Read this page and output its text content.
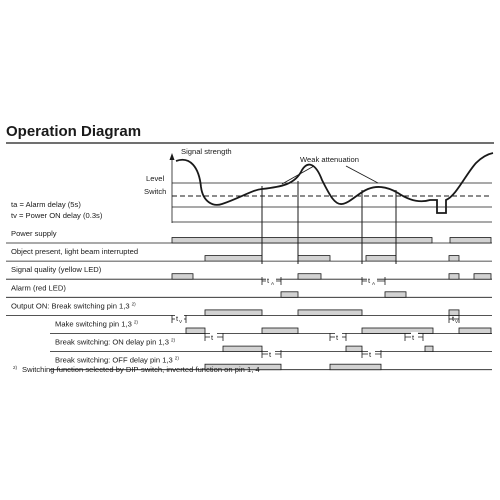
Operation Diagram
Signal strength
Weak attenuation
Level
Switch
ta = Alarm delay (5s)
tv = Power ON delay (0.3s)
Power supply
Object present, light beam interrupted
Signal quality (yellow LED)
Alarm (red LED)
Output ON: Break switching pin 1,3 $^{2)}$
Make switching pin 1,3 $^{2)}$
Break switching: ON delay pin 1,3 $^{2)}$
Break switching: OFF delay pin 1,3 $^{2)}$
t A	t A
t V	t V
t	t	t
t	t
2) Switching function selected by DIP-switch, inverted function on pin 1, 4
